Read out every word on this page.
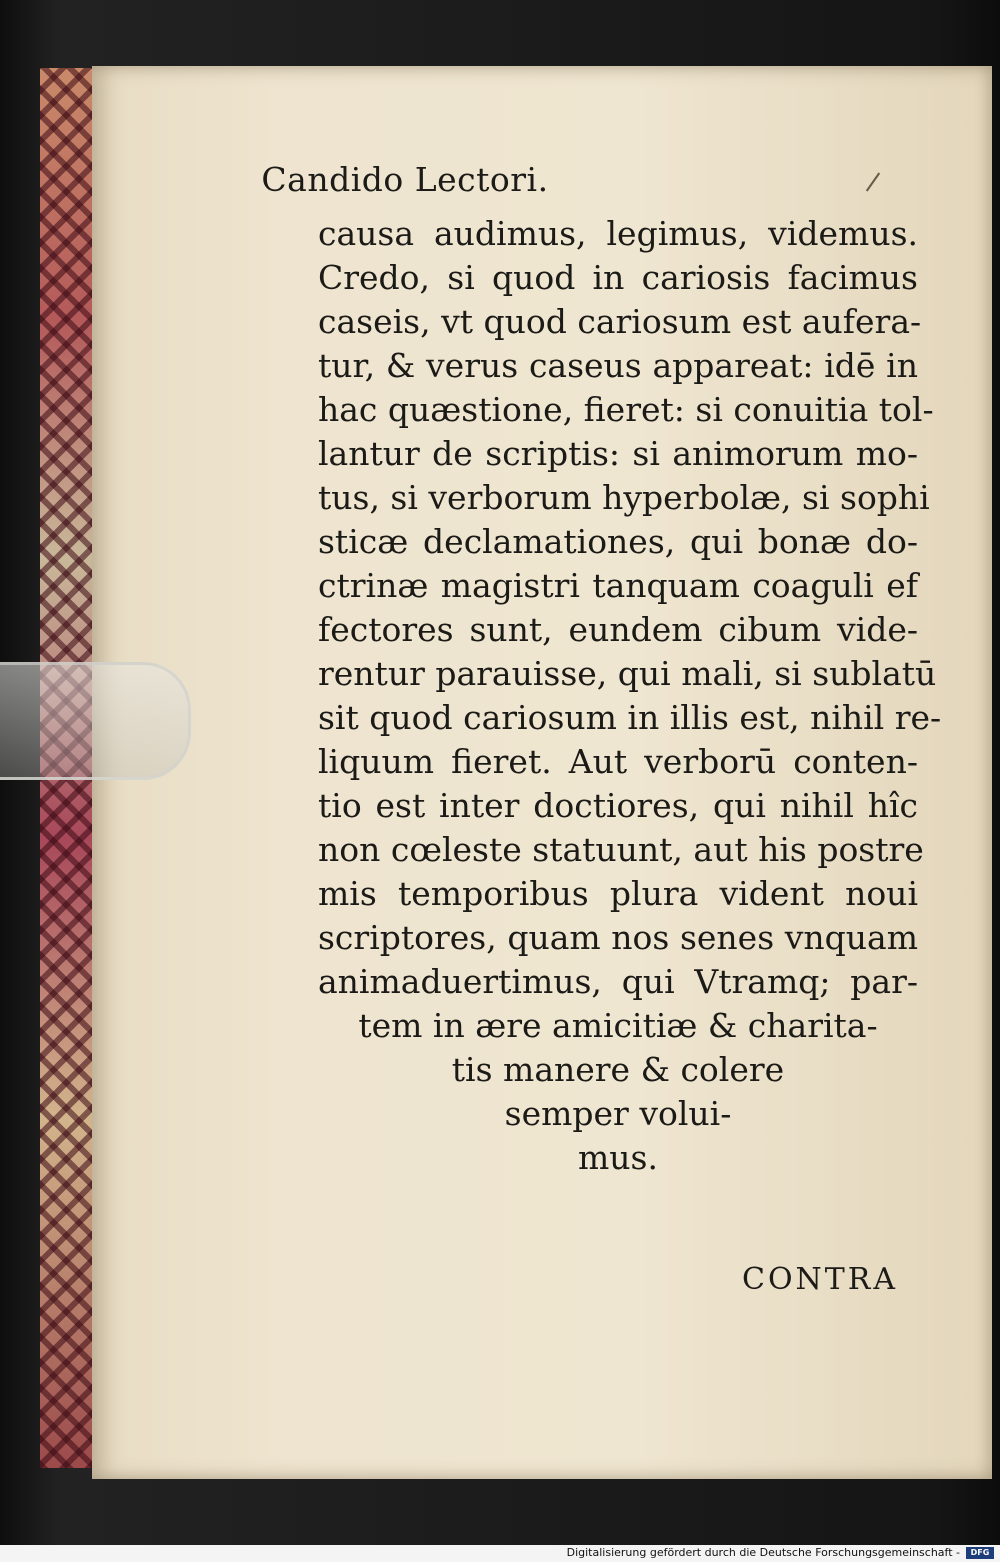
Candido Lectori.
causa audimus, legimus, videmus.
Credo, si quod in cariosis facimus
caseis, vt quod cariosum est aufera-
tur, & verus caseus appareat: idē in
hac quæstione, fieret: si conuitia tol-
lantur de scriptis: si animorum mo-
tus, si verborum hyperbolæ, si sophi
sticæ declamationes, qui bonæ do-
ctrinæ magistri tanquam coaguli ef
fectores sunt, eundem cibum vide-
rentur parauisse, qui mali, si sublatū
sit quod cariosum in illis est, nihil re-
liquum fieret. Aut verborū conten-
tio est inter doctiores, qui nihil hîc
non cœleste statuunt, aut his postre
mis temporibus plura vident noui
scriptores, quam nos senes vnquam
animaduertimus, qui Vtramq; par-
tem in ære amicitiæ & charita-
tis manere & colere
semper volui-
mus.
CONTRA
Digitalisierung gefördert durch die Deutsche Forschungsgemeinschaft -	DFG
